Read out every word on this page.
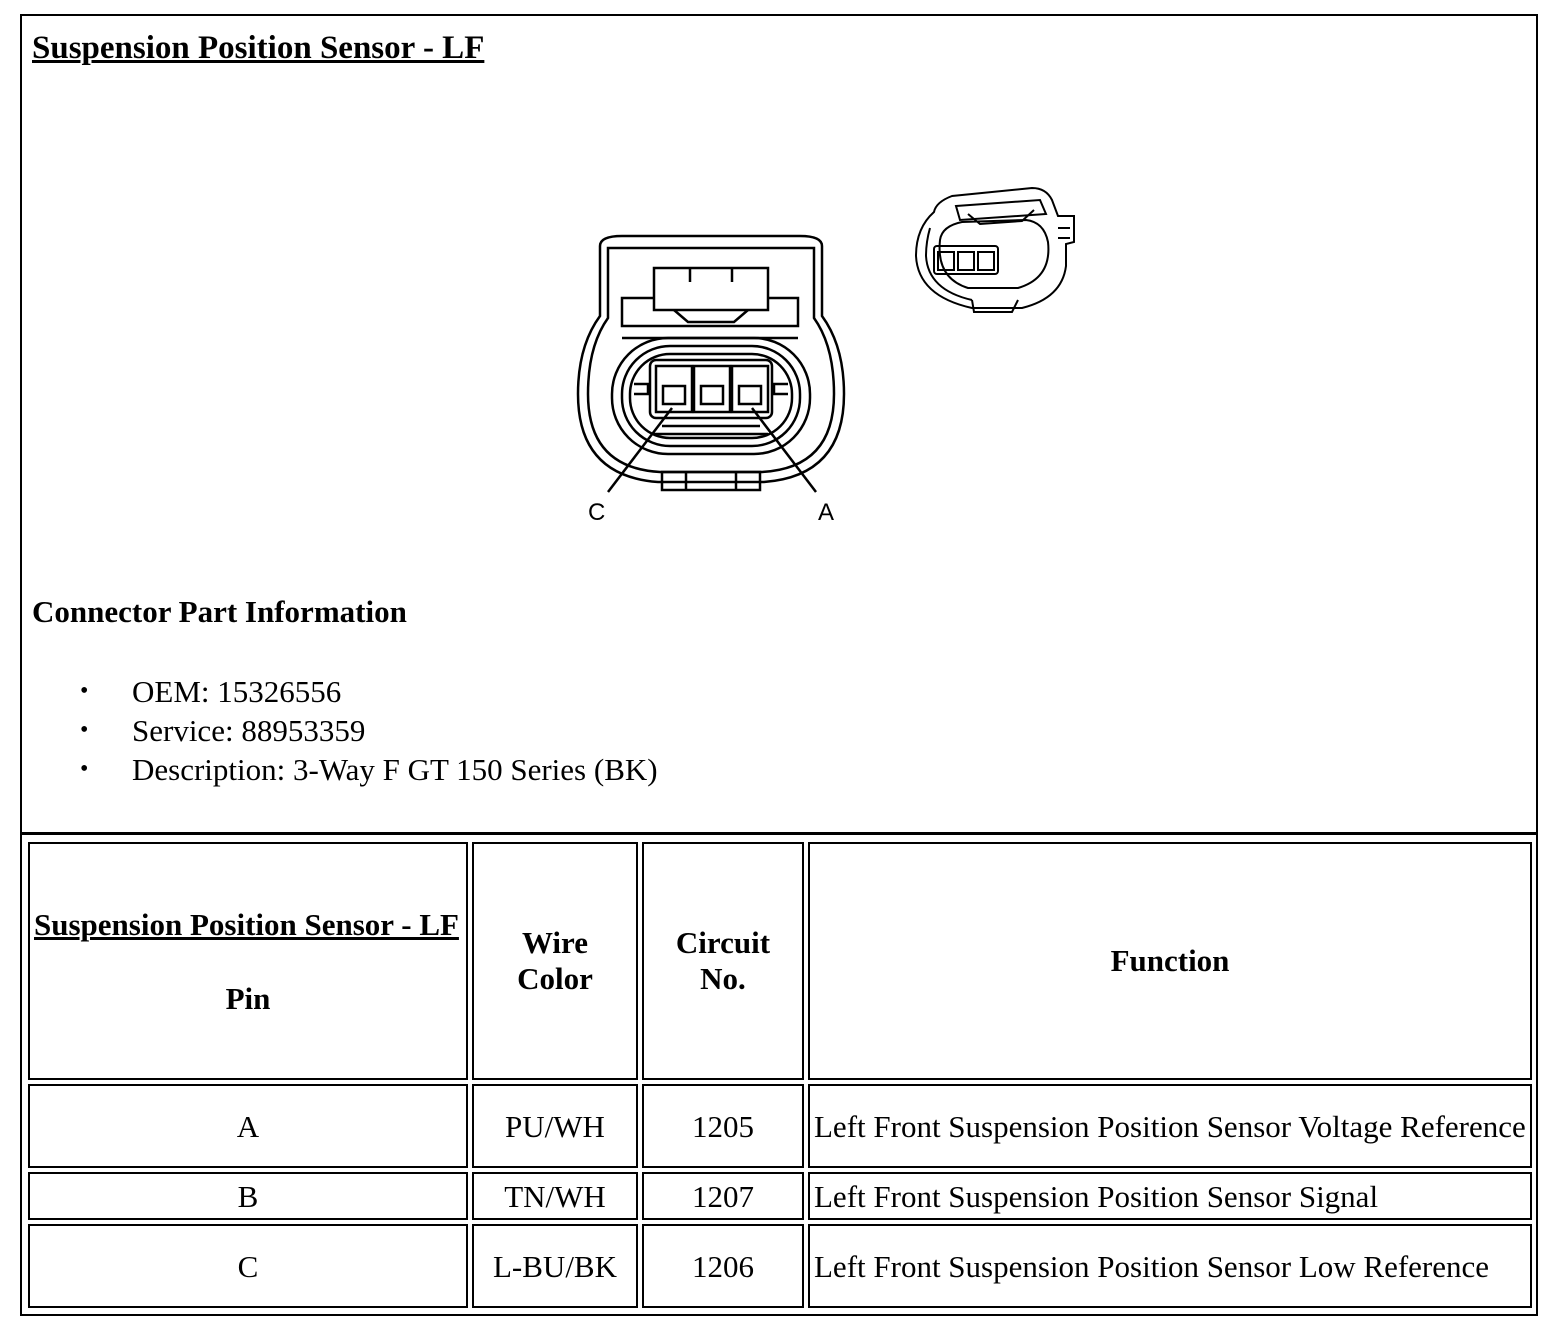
Suspension Position Sensor - LF
C	A
Connector Part Information
• OEM: 15326556
• Service: 88953359
• Description: 3-Way F GT 150 Series (BK)
Suspension Position Sensor - LF
Pin	Wire Color	Circuit No.	Function
A	PU/WH	1205	Left Front Suspension Position Sensor Voltage Reference
B	TN/WH	1207	Left Front Suspension Position Sensor Signal
C	L-BU/BK	1206	Left Front Suspension Position Sensor Low Reference
